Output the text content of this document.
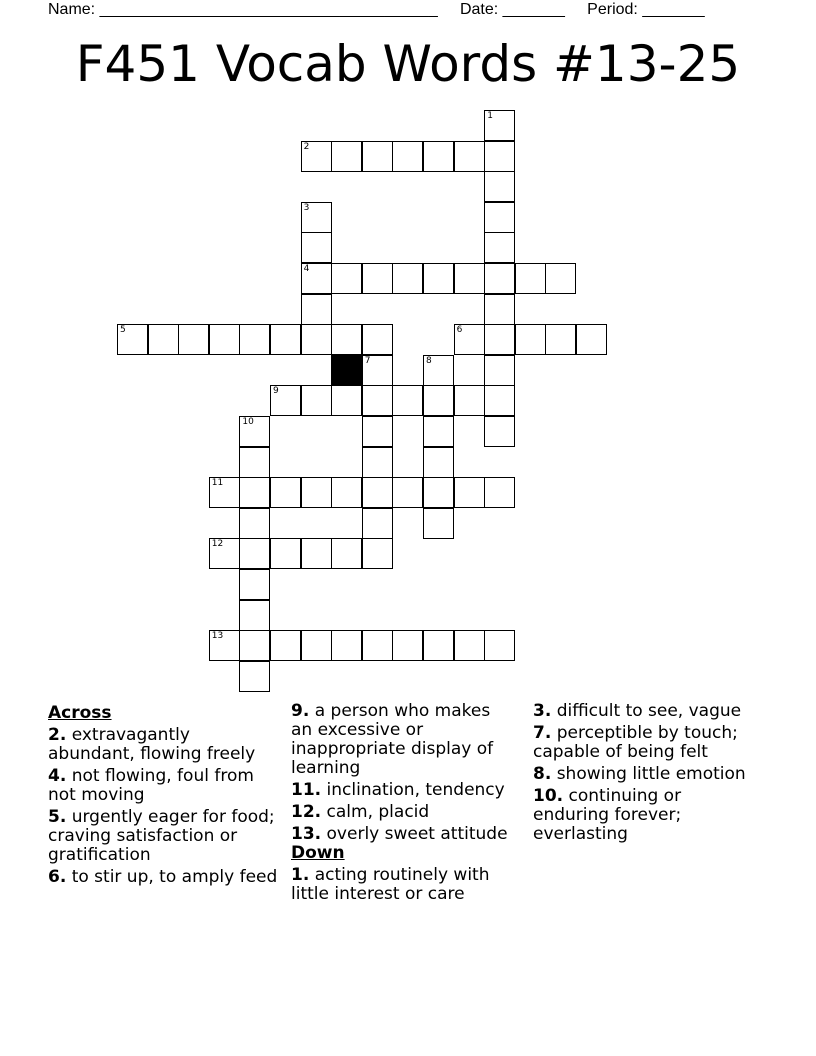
Name: ______________________________________ Date: _______ Period: _______
F451 Vocab Words #13-25
1
2
3
4
5	6
7	8
9
10
11
12
13
Across
2. extravagantly abundant, flowing freely
4. not flowing, foul from not moving
5. urgently eager for food; craving satisfaction or gratification
6. to stir up, to amply feed
9. a person who makes an excessive or inappropriate display of learning
11. inclination, tendency
12. calm, placid
13. overly sweet attitude
Down
1. acting routinely with little interest or care
3. difficult to see, vague
7. perceptible by touch; capable of being felt
8. showing little emotion
10. continuing or enduring forever; everlasting
